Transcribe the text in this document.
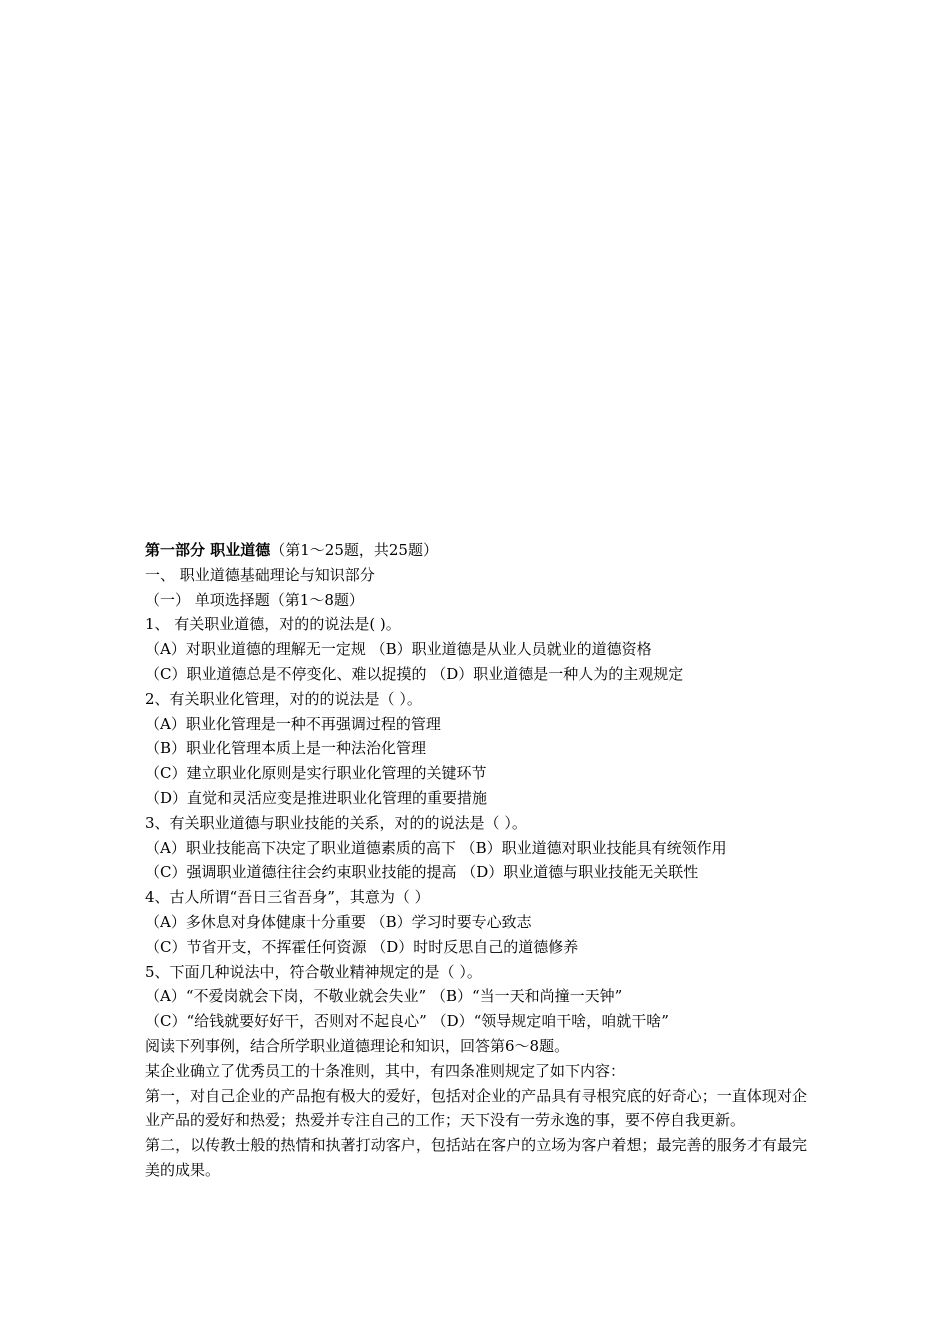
第一部分 职业道德（第1～25题，共25题）
一、 职业道德基础理论与知识部分
（一） 单项选择题（第1～8题）
1、 有关职业道德，对的的说法是( )。
（A）对职业道德的理解无一定规 （B）职业道德是从业人员就业的道德资格
（C）职业道德总是不停变化、难以捉摸的 （D）职业道德是一种人为的主观规定
2、有关职业化管理，对的的说法是（ ）。
（A）职业化管理是一种不再强调过程的管理
（B）职业化管理本质上是一种法治化管理
（C）建立职业化原则是实行职业化管理的关键环节
（D）直觉和灵活应变是推进职业化管理的重要措施
3、有关职业道德与职业技能的关系，对的的说法是（ ）。
（A）职业技能高下决定了职业道德素质的高下 （B）职业道德对职业技能具有统领作用
（C）强调职业道德往往会约束职业技能的提高 （D）职业道德与职业技能无关联性
4、古人所谓“吾日三省吾身”，其意为（ ）
（A）多休息对身体健康十分重要 （B）学习时要专心致志
（C）节省开支，不挥霍任何资源 （D）时时反思自己的道德修养
5、下面几种说法中，符合敬业精神规定的是（ ）。
（A）“不爱岗就会下岗，不敬业就会失业” （B）“当一天和尚撞一天钟”
（C）“给钱就要好好干，否则对不起良心” （D）“领导规定咱干啥，咱就干啥”
阅读下列事例，结合所学职业道德理论和知识，回答第6～8题。
某企业确立了优秀员工的十条准则，其中，有四条准则规定了如下内容：
第一，对自己企业的产品抱有极大的爱好，包括对企业的产品具有寻根究底的好奇心；一直体现对企业产品的爱好和热爱；热爱并专注自己的工作；天下没有一劳永逸的事，要不停自我更新。
第二，以传教士般的热情和执著打动客户，包括站在客户的立场为客户着想；最完善的服务才有最完美的成果。
